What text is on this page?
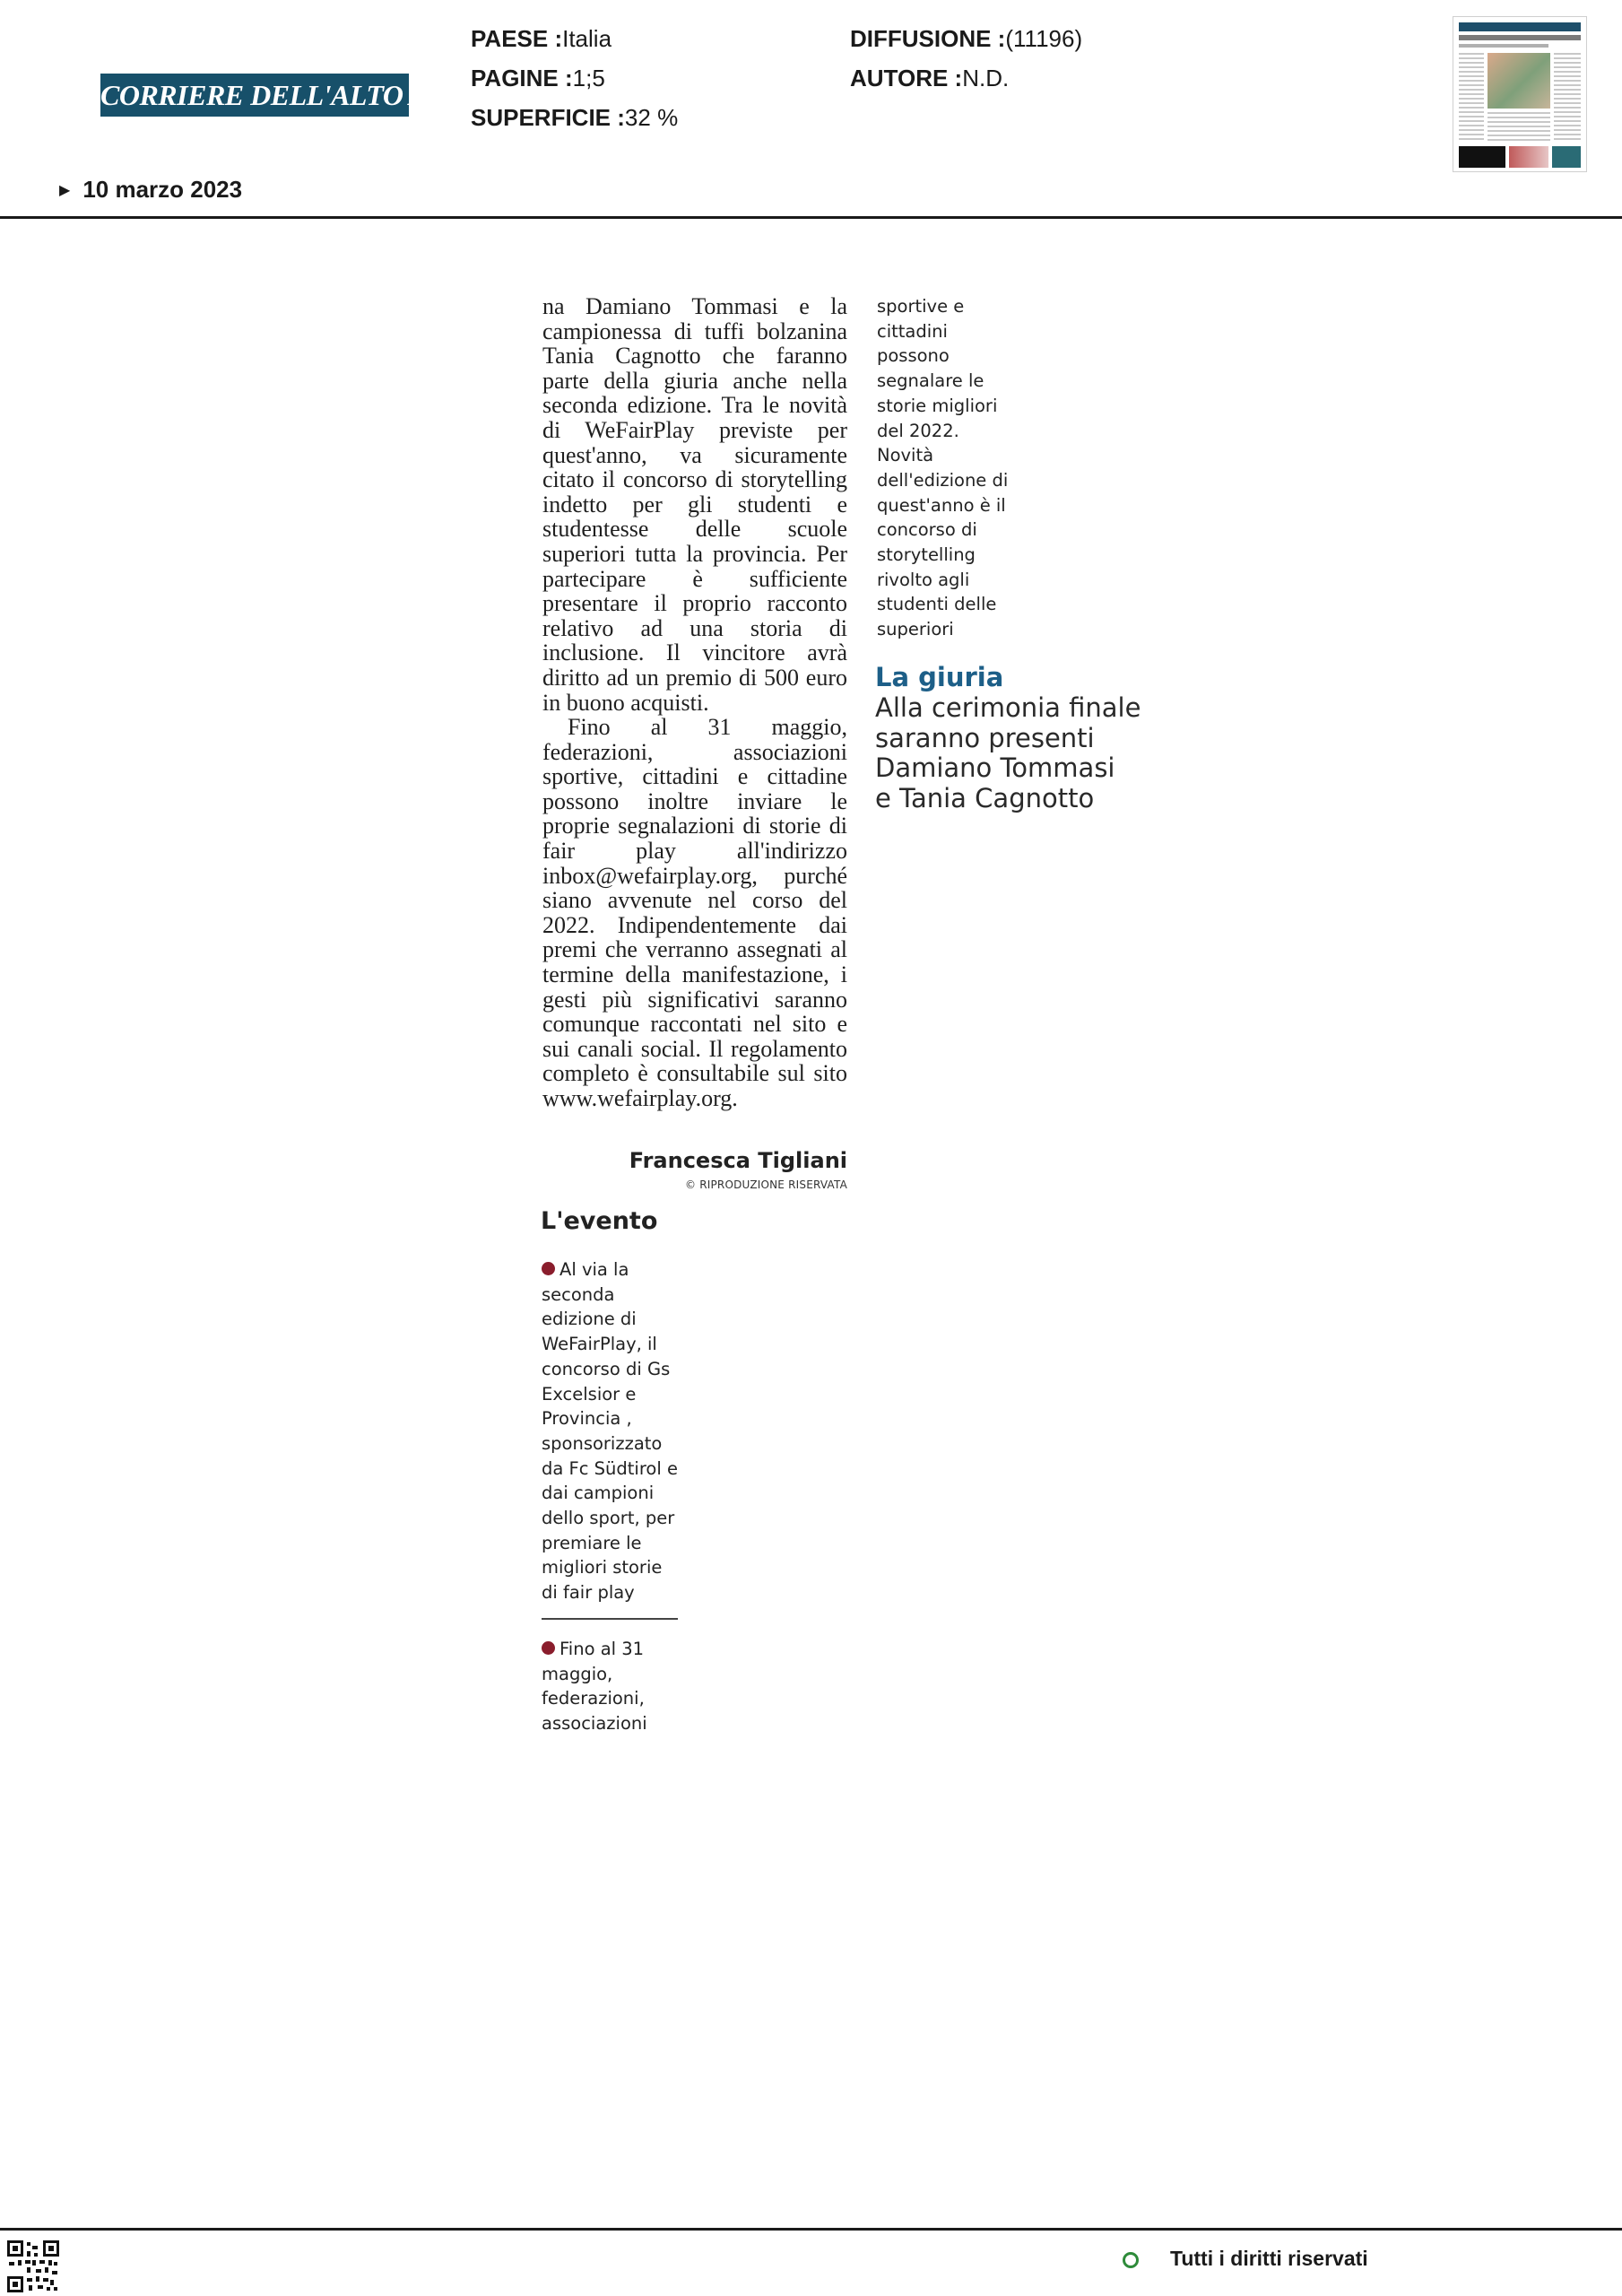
CORRIERE DELL'ALTO ADIGE
PAESE :Italia
PAGINE :1;5
SUPERFICIE :32 %
DIFFUSIONE :(11196)
AUTORE :N.D.
▶ 10 marzo 2023

na Damiano Tommasi e la campionessa di tuffi bolzanina Tania Cagnotto che faranno parte della giuria anche nella seconda edizione. Tra le novità di WeFairPlay previste per quest'anno, va sicuramente citato il concorso di storytelling indetto per gli studenti e studentesse delle scuole superiori tutta la provincia. Per partecipare è sufficiente presentare il proprio racconto relativo ad una storia di inclusione. Il vincitore avrà diritto ad un premio di 500 euro in buono acquisti.

Fino al 31 maggio, federazioni, associazioni sportive, cittadini e cittadine possono inoltre inviare le proprie segnalazioni di storie di fair play all'indirizzo inbox@wefairplay.org, purché siano avvenute nel corso del 2022. Indipendentemente dai premi che verranno assegnati al termine della manifestazione, i gesti più significativi saranno comunque raccontati nel sito e sui canali social. Il regolamento completo è consultabile sul sito www.wefairplay.org.

Francesca Tigliani
© RIPRODUZIONE RISERVATA
L'evento
Al via la
seconda
edizione di
WeFairPlay, il
concorso di Gs
Excelsior e
Provincia ,
sponsorizzato
da Fc Südtirol e
dai campioni
dello sport, per
premiare le
migliori storie
di fair play
Fino al 31
maggio,
federazioni,
associazioni
sportive e
cittadini
possono
segnalare le
storie migliori
del 2022.
Novità
dell'edizione di
quest'anno è il
concorso di
storytelling
rivolto agli
studenti delle
superiori
La giuria
Alla cerimonia finale
saranno presenti
Damiano Tommasi
e Tania Cagnotto
Tutti i diritti riservati
